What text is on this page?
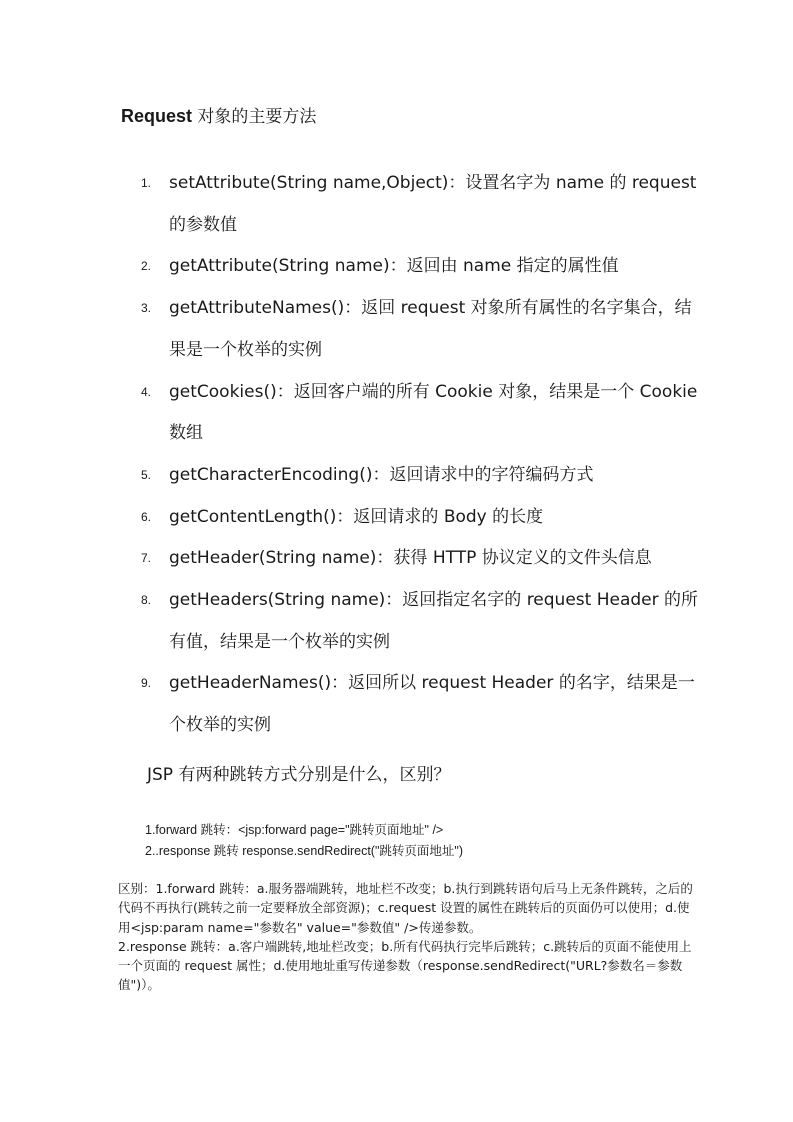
Request 对象的主要方法
1. setAttribute(String name,Object)：设置名字为 name 的 request 的参数值
2. getAttribute(String name)：返回由 name 指定的属性值
3. getAttributeNames()：返回 request 对象所有属性的名字集合，结果是一个枚举的实例
4. getCookies()：返回客户端的所有 Cookie 对象，结果是一个 Cookie 数组
5. getCharacterEncoding()：返回请求中的字符编码方式
6. getContentLength()：返回请求的 Body 的长度
7. getHeader(String name)：获得 HTTP 协议定义的文件头信息
8. getHeaders(String name)：返回指定名字的 request Header 的所有值，结果是一个枚举的实例
9. getHeaderNames()：返回所以 request Header 的名字，结果是一个枚举的实例
JSP 有两种跳转方式分别是什么，区别？
1.forward 跳转：<jsp:forward page="跳转页面地址" />
2..response 跳转 response.sendRedirect("跳转页面地址")

区别：1.forward 跳转：a.服务器端跳转，地址栏不改变；b.执行到跳转语句后马上无条件跳转，之后的代码不再执行(跳转之前一定要释放全部资源)；c.request 设置的属性在跳转后的页面仍可以使用；d.使用<jsp:param name="参数名" value="参数值" />传递参数。

2.response 跳转：a.客户端跳转,地址栏改变；b.所有代码执行完毕后跳转；c.跳转后的页面不能使用上一个页面的 request 属性；d.使用地址重写传递参数（response.sendRedirect("URL?参数名＝参数值")）。
